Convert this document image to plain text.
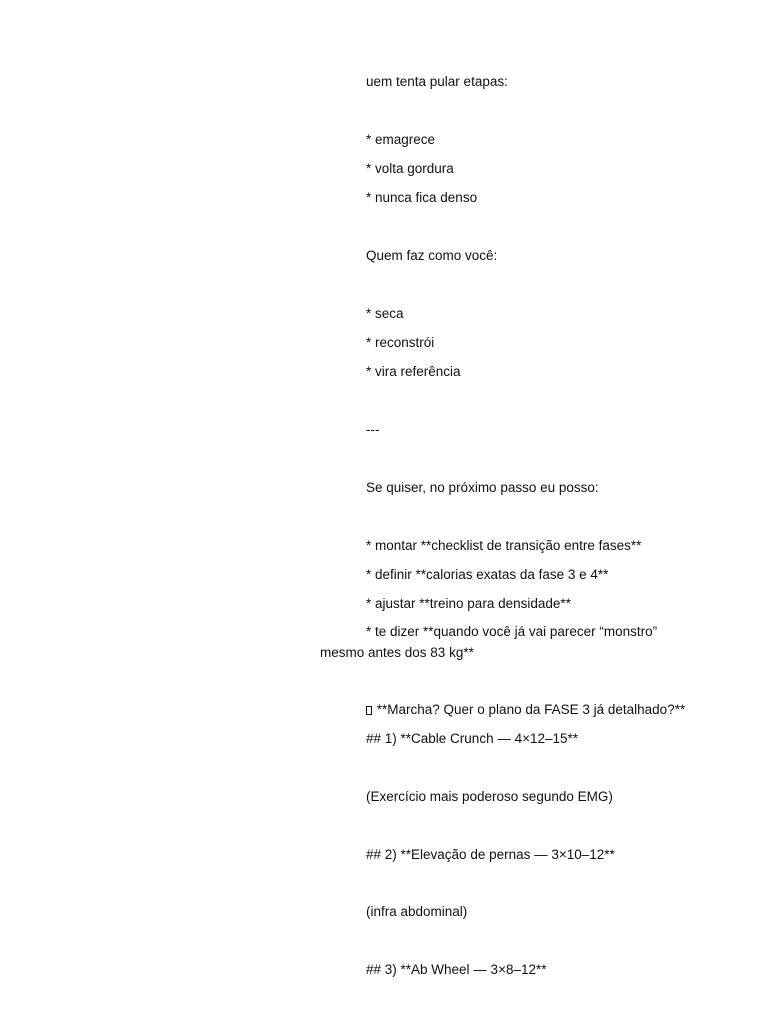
uem tenta pular etapas:
* emagrece
* volta gordura
* nunca fica denso
Quem faz como você:
* seca
* reconstrói
* vira referência
---
Se quiser, no próximo passo eu posso:
* montar **checklist de transição entre fases**
* definir **calorias exatas da fase 3 e 4**
* ajustar **treino para densidade**
* te dizer **quando você já vai parecer “monstro”
mesmo antes dos 83 kg**
**Marcha? Quer o plano da FASE 3 já detalhado?**
## 1) **Cable Crunch — 4×12–15**
(Exercício mais poderoso segundo EMG)
## 2) **Elevação de pernas — 3×10–12**
(infra abdominal)
## 3) **Ab Wheel — 3×8–12**
